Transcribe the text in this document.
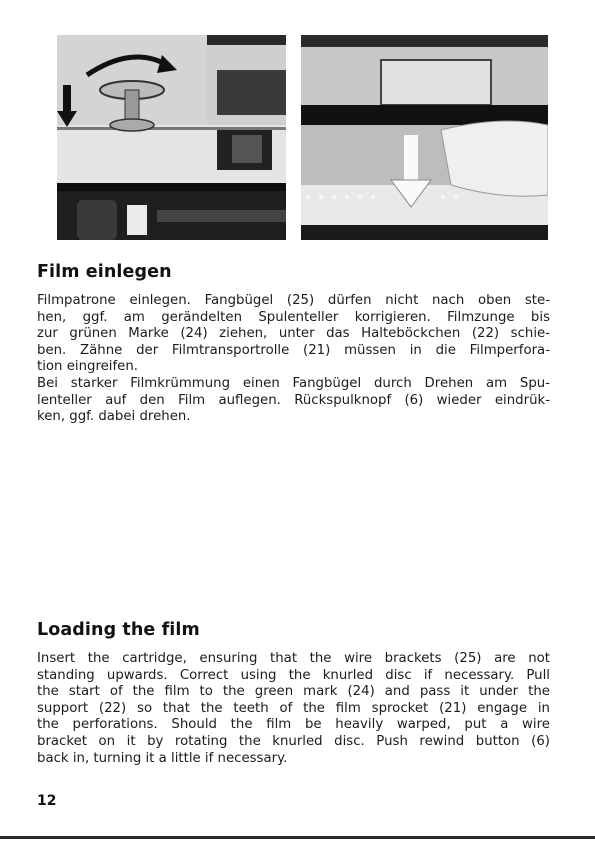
Film einlegen
Filmpatrone einlegen. Fangbügel (25) dürfen nicht nach oben ste-
hen, ggf. am gerändelten Spulenteller korrigieren. Filmzunge bis
zur grünen Marke (24) ziehen, unter das Halteböckchen (22) schie-
ben. Zähne der Filmtransportrolle (21) müssen in die Filmperfora-
tion eingreifen.
Bei starker Filmkrümmung einen Fangbügel durch Drehen am Spu-
lenteller auf den Film auflegen. Rückspulknopf (6) wieder eindrük-
ken, ggf. dabei drehen.
Loading the film
Insert the cartridge, ensuring that the wire brackets (25) are not
standing upwards. Correct using the knurled disc if necessary. Pull
the start of the film to the green mark (24) and pass it under the
support (22) so that the teeth of the film sprocket (21) engage in
the perforations. Should the film be heavily warped, put a wire
bracket on it by rotating the knurled disc. Push rewind button (6)
back in, turning it a little if necessary.

12
